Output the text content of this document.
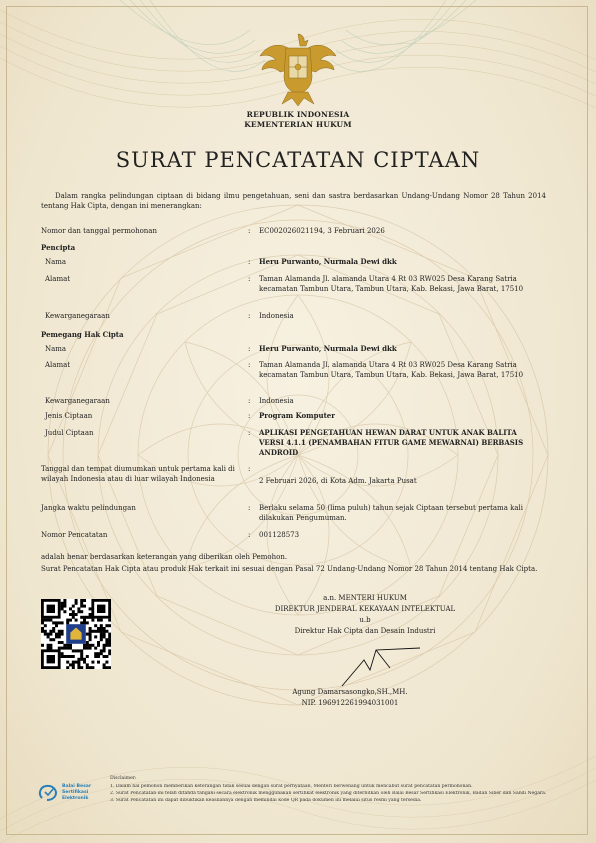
REPUBLIK INDONESIA
KEMENTERIAN HUKUM
SURAT PENCATATAN CIPTAAN
Dalam rangka pelindungan ciptaan di bidang ilmu pengetahuan, seni dan sastra berdasarkan Undang-Undang Nomor 28 Tahun 2014 tentang Hak Cipta, dengan ini menerangkan:
Nomor dan tanggal permohonan	: EC002026021194, 3 Februari 2026
Pencipta
Nama	: Heru Purwanto, Nurmala Dewi dkk
Alamat	: Taman Alamanda Jl. alamanda Utara 4 Rt 03 RW025 Desa Karang Satria kecamatan Tambun Utara, Tambun Utara, Kab. Bekasi, Jawa Barat, 17510
Kewarganegaraan	: Indonesia
Pemegang Hak Cipta
Nama	: Heru Purwanto, Nurmala Dewi dkk
Alamat	: Taman Alamanda Jl. alamanda Utara 4 Rt 03 RW025 Desa Karang Satria kecamatan Tambun Utara, Tambun Utara, Kab. Bekasi, Jawa Barat, 17510
Kewarganegaraan	: Indonesia
Jenis Ciptaan	: Program Komputer
Judul Ciptaan	: APLIKASI PENGETAHUAN HEWAN DARAT UNTUK ANAK BALITA VERSI 4.1.1 (PENAMBAHAN FITUR GAME MEWARNAI) BERBASIS ANDROID
Tanggal dan tempat diumumkan untuk pertama kali di wilayah Indonesia atau di luar wilayah Indonesia
:
2 Februari 2026, di Kota Adm. Jakarta Pusat
Jangka waktu pelindungan	: Berlaku selama 50 (lima puluh) tahun sejak Ciptaan tersebut pertama kali dilakukan Pengumuman.
Nomor Pencatatan	: 001128573
adalah benar berdasarkan keterangan yang diberikan oleh Pemohon.
Surat Pencatatan Hak Cipta atau produk Hak terkait ini sesuai dengan Pasal 72 Undang-Undang Nomor 28 Tahun 2014 tentang Hak Cipta.
a.n. MENTERI HUKUM
DIREKTUR JENDERAL KEKAYAAN INTELEKTUAL
u.b
Direktur Hak Cipta dan Desain Industri
Agung Damarsasongko,SH.,MH.
NIP. 196912261994031001
Balai Besar
Sertifikasi
Elektronik
Disclaimer:
1. Dalam hal pemohon memberikan keterangan tidak sesuai dengan surat pernyataan, Menteri berwenang untuk mencabut surat pencatatan permohonan.
2. Surat Pencatatan ini telah ditanda tangani secara elektronik menggunakan sertifikat elektronik yang diterbitkan oleh Balai Besar Sertifikasi Elektronik, Badan Siber dan Sandi Negara.
3. Surat Pencatatan ini dapat dibuktikan keasliannya dengan memindai kode QR pada dokumen ini melalui situs resmi yang tersedia.
